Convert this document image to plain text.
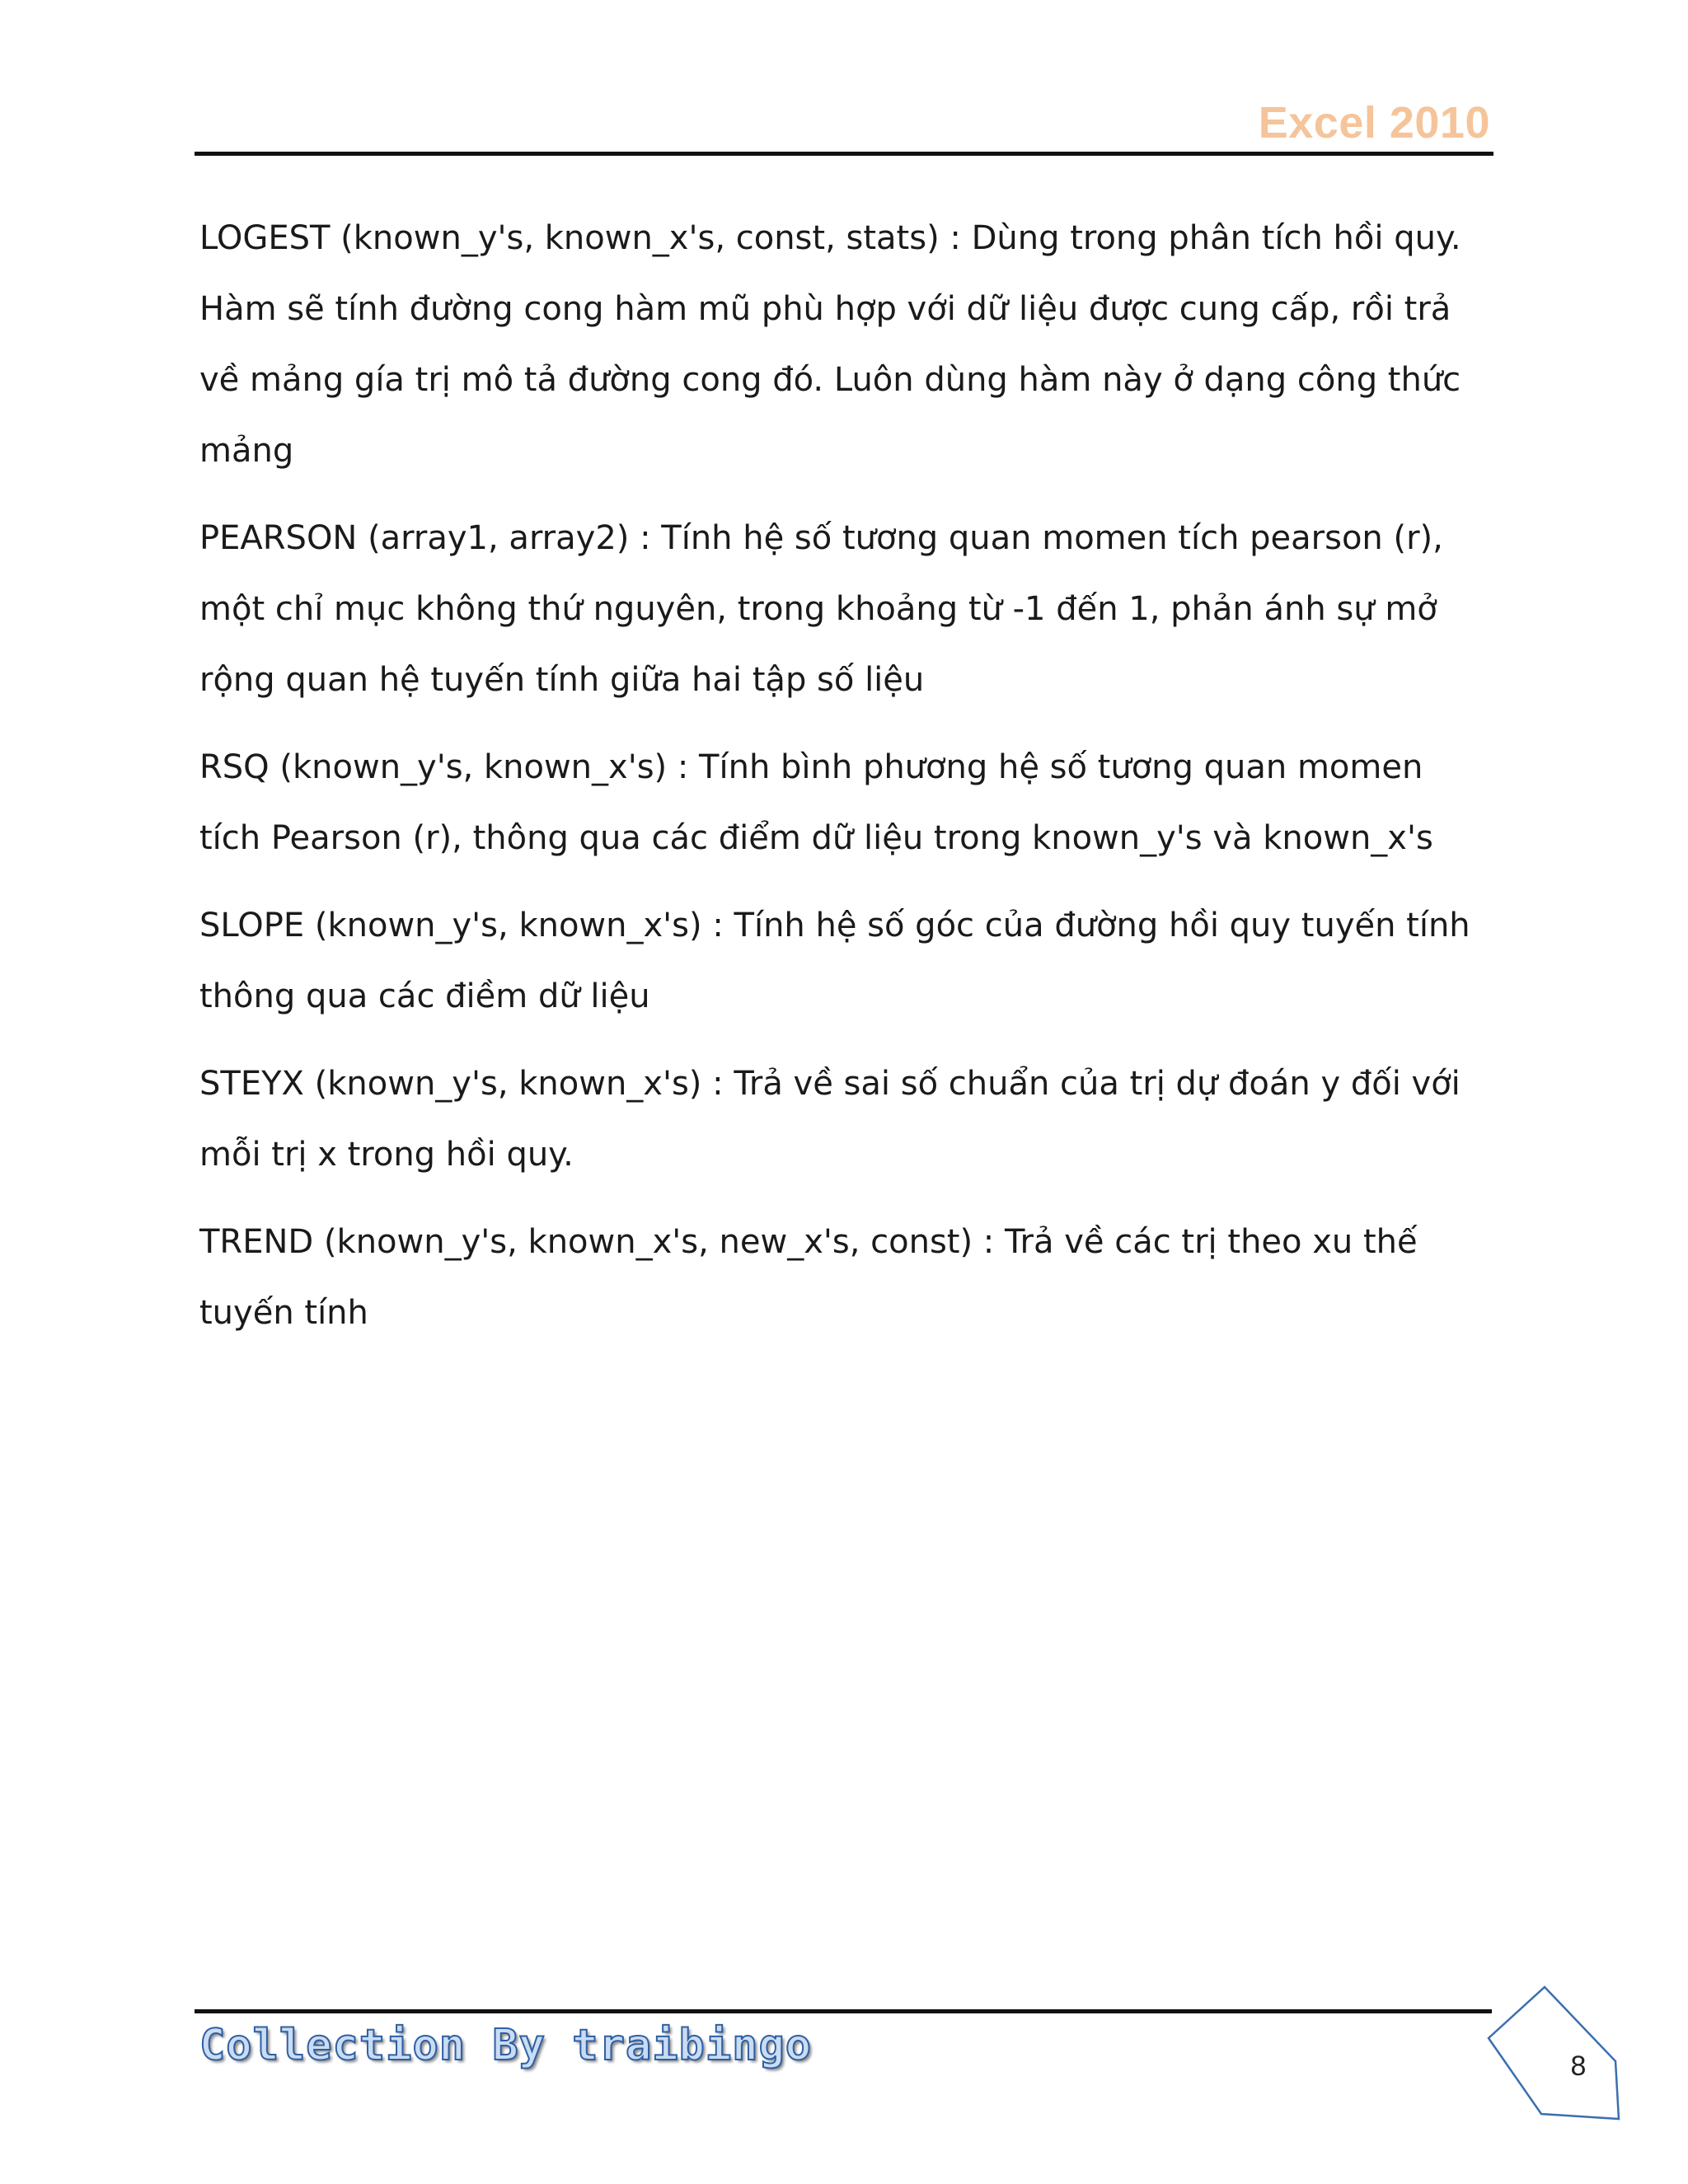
Excel 2010

LOGEST (known_y's, known_x's, const, stats) : Dùng trong phân tích hồi quy. Hàm sẽ tính đường cong hàm mũ phù hợp với dữ liệu được cung cấp, rồi trả về mảng gía trị mô tả đường cong đó. Luôn dùng hàm này ở dạng công thức mảng

PEARSON (array1, array2) : Tính hệ số tương quan momen tích pearson (r), một chỉ mục không thứ nguyên, trong khoảng từ -1 đến 1, phản ánh sự mở rộng quan hệ tuyến tính giữa hai tập số liệu

RSQ (known_y's, known_x's) : Tính bình phương hệ số tương quan momen tích Pearson (r), thông qua các điểm dữ liệu trong known_y's và known_x's

SLOPE (known_y's, known_x's) : Tính hệ số góc của đường hồi quy tuyến tính thông qua các điềm dữ liệu

STEYX (known_y's, known_x's) : Trả về sai số chuẩn của trị dự đoán y đối với mỗi trị x trong hồi quy.

TREND (known_y's, known_x's, new_x's, const) : Trả về các trị theo xu thế tuyến tính

Collection By traibingo	8
